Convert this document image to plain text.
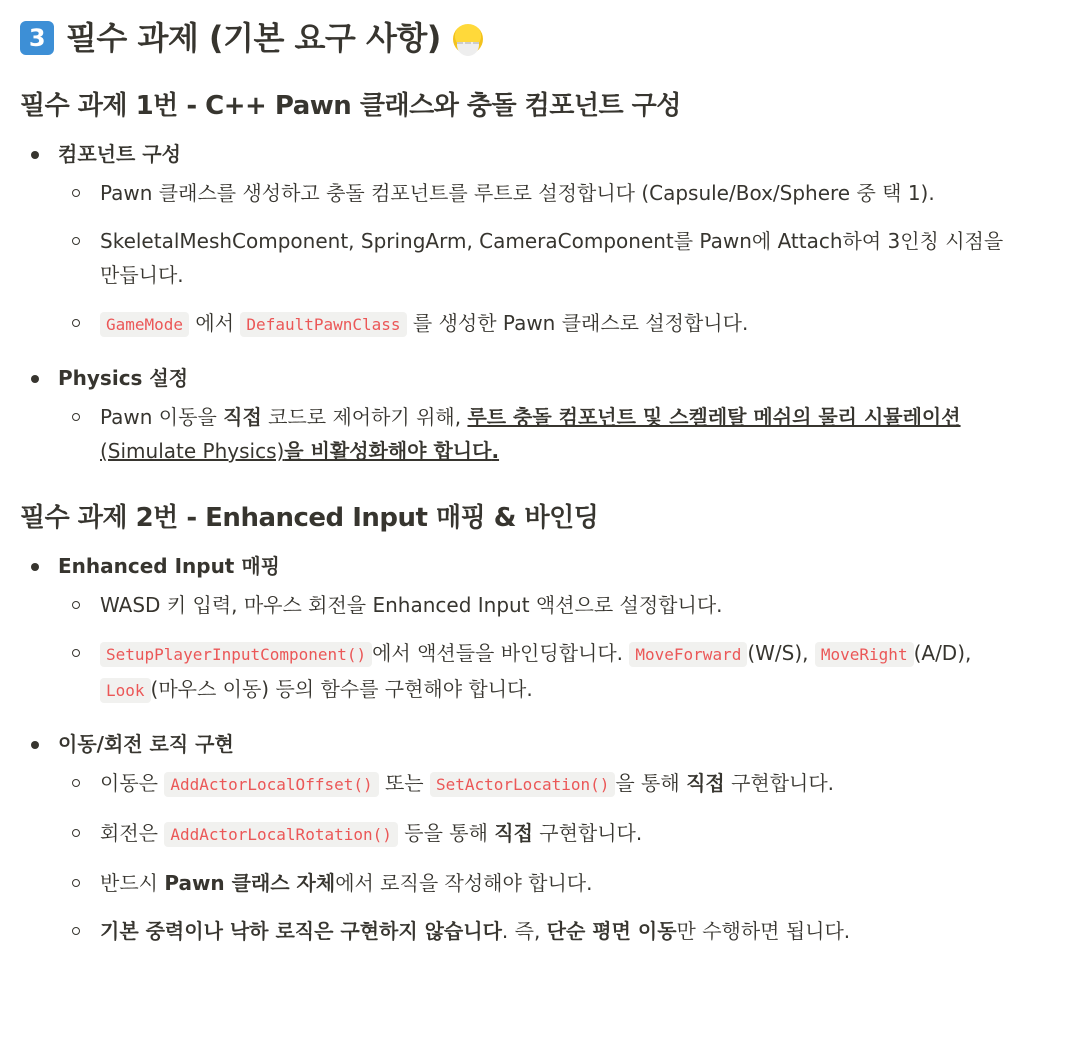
3 필수 과제 (기본 요구 사항)
필수 과제 1번 - C++ Pawn 클래스와 충돌 컴포넌트 구성
컴포넌트 구성
Pawn 클래스를 생성하고 충돌 컴포넌트를 루트로 설정합니다 (Capsule/Box/Sphere 중 택 1).
SkeletalMeshComponent, SpringArm, CameraComponent를 Pawn에 Attach하여 3인칭 시점을 만듭니다.
GameMode 에서 DefaultPawnClass 를 생성한 Pawn 클래스로 설정합니다.
Physics 설정
Pawn 이동을 직접 코드로 제어하기 위해, 루트 충돌 컴포넌트 및 스켈레탈 메쉬의 물리 시뮬레이션 (Simulate Physics)을 비활성화해야 합니다.
필수 과제 2번 - Enhanced Input 매핑 & 바인딩
Enhanced Input 매핑
WASD 키 입력, 마우스 회전을 Enhanced Input 액션으로 설정합니다.
SetupPlayerInputComponent() 에서 액션들을 바인딩합니다. MoveForward (W/S), MoveRight (A/D), Look (마우스 이동) 등의 함수를 구현해야 합니다.
이동/회전 로직 구현
이동은 AddActorLocalOffset() 또는 SetActorLocation() 을 통해 직접 구현합니다.
회전은 AddActorLocalRotation() 등을 통해 직접 구현합니다.
반드시 Pawn 클래스 자체에서 로직을 작성해야 합니다.
기본 중력이나 낙하 로직은 구현하지 않습니다. 즉, 단순 평면 이동만 수행하면 됩니다.
